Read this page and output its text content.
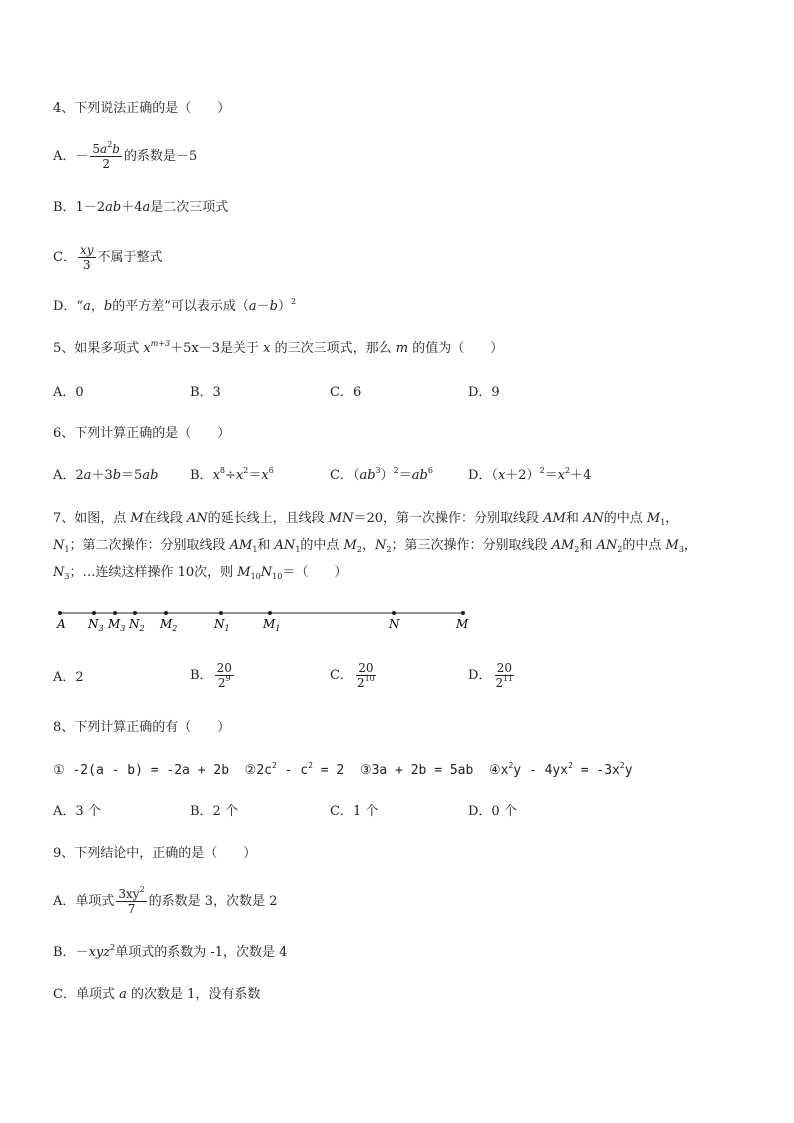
4、下列说法正确的是（　　）
A．－ $\frac{5a^2b}{2}$ 的系数是－5
B．1－2ab＋4a是二次三项式
C． $\frac{xy}{3}$ 不属于整式
D．“a，b的平方差”可以表示成$(a-b)^2$
5、如果多项式 $x^{m+3}+5x-3$是关于 x 的三次三项式，那么 m 的值为（　　）
A．0	B．3	C．6	D．9
6、下列计算正确的是（　　）
A．2a＋3b＝5ab B．$x^8\div x^2=x^6$	C．$(ab^3)^2=ab^6$	D．$(x+2)^2=x^2+4$
7、如图，点 M在线段 AN的延长线上，且线段 MN＝20，第一次操作：分别取线段 AM和 AN的中点 $M_1$，
$N_1$；第二次操作：分别取线段 $AM_1$和 $AN_1$的中点 $M_2$，$N_2$；第三次操作：分别取线段 $AM_2$和 $AN_2$的中点 $M_3$，
$N_3$；…连续这样操作 10次，则 $M_{10}N_{10}=$（　　）
A $N_3$ $M_3$ $N_2$ $M_2$	$N_1$	$M_1$	N	M
A．2	B． $\frac{20}{2^9}$	C． $\frac{20}{2^{10}}$	D． $\frac{20}{2^{11}}$
8、下列计算正确的有（　　）
① -2(a - b) = -2a + 2b $②2c^2 - c^2 = 2$ ③3a + 2b = 5ab $④x^2y - 4yx^2 = -3x^2y$
A．3 个	B．2 个	C．1 个	D．0 个
9、下列结论中，正确的是（　　）
A．单项式 $\frac{3xy^2}{7}$ 的系数是 3，次数是 2
B．－xyz$^2$单项式的系数为 -1，次数是 4
C．单项式 a 的次数是 1，没有系数
